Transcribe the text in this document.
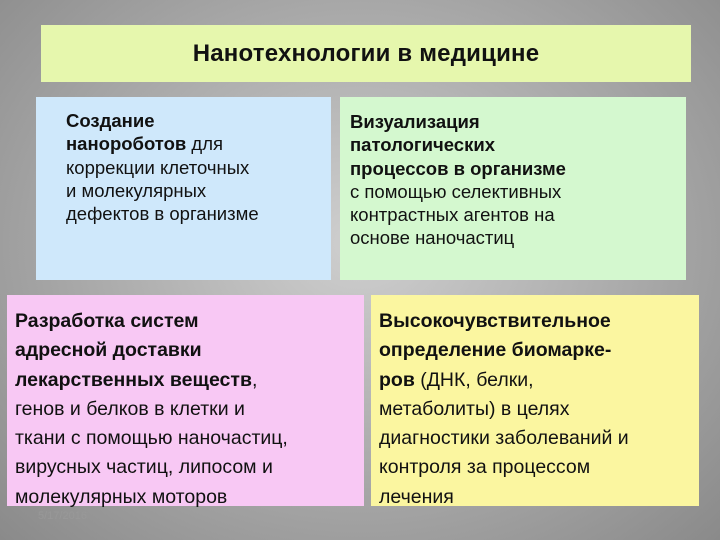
Нанотехнологии в медицине
Создание
нанороботов для
коррекции клеточных
и молекулярных
дефектов в организме
Визуализация
патологических
процессов в организме
с помощью селективных
контрастных агентов на
основе наночастиц
Разработка систем
адресной доставки
лекарственных веществ,
генов и белков в клетки и
ткани с помощью наночастиц,
вирусных частиц, липосом и
молекулярных моторов
Высокочувствительное
определение биомарке-
ров (ДНК, белки,
метаболиты) в целях
диагностики заболеваний и
контроля за процессом
лечения
5/17/2016
